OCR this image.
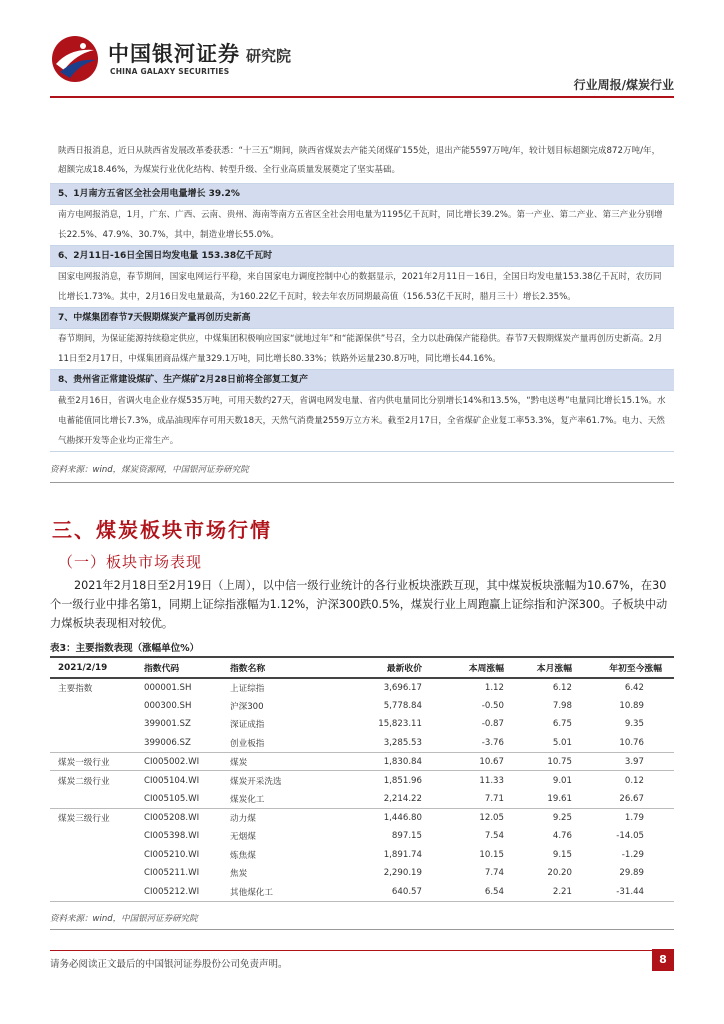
中国银河证券 研究院
CHINA GALAXY SECURITIES
行业周报/煤炭行业
陕西日报消息，近日从陕西省发展改革委获悉：“十三五”期间，陕西省煤炭去产能关闭煤矿155处，退出产能5597万吨/年，较计划目标超额完成872万吨/年，超额完成18.46%，为煤炭行业优化结构、转型升级、全行业高质量发展奠定了坚实基础。
5、1月南方五省区全社会用电量增长 39.2%
南方电网报消息，1月，广东、广西、云南、贵州、海南等南方五省区全社会用电量为1195亿千瓦时，同比增长39.2%。第一产业、第二产业、第三产业分别增长22.5%、47.9%、30.7%，其中，制造业增长55.0%。
6、2月11日-16日全国日均发电量 153.38亿千瓦时
国家电网报消息，春节期间，国家电网运行平稳，来自国家电力调度控制中心的数据显示，2021年2月11日－16日，全国日均发电量153.38亿千瓦时，农历同比增长1.73%。其中，2月16日发电量最高，为160.22亿千瓦时，较去年农历同期最高值（156.53亿千瓦时，腊月三十）增长2.35%。
7、中煤集团春节7天假期煤炭产量再创历史新高
春节期间，为保证能源持续稳定供应，中煤集团积极响应国家“就地过年”和“能源保供”号召，全力以赴确保产能稳供。春节7天假期煤炭产量再创历史新高。2月11日至2月17日，中煤集团商品煤产量329.1万吨，同比增长80.33%；铁路外运量230.8万吨，同比增长44.16%。
8、贵州省正常建设煤矿、生产煤矿2月28日前将全部复工复产
截至2月16日，省调火电企业存煤535万吨，可用天数约27天，省调电网发电量、省内供电量同比分别增长14%和13.5%，“黔电送粤”电量同比增长15.1%。水电蓄能值同比增长7.3%，成品油现库存可用天数18天，天然气消费量2559万立方米。截至2月17日，全省煤矿企业复工率53.3%，复产率61.7%。电力、天然气勘探开发等企业均正常生产。
资料来源：wind，煤炭资源网，中国银河证券研究院
三、煤炭板块市场行情
（一）板块市场表现
2021年2月18日至2月19日（上周），以中信一级行业统计的各行业板块涨跌互现，其中煤炭板块涨幅为10.67%，在30个一级行业中排名第1，同期上证综指涨幅为1.12%，沪深300跌0.5%，煤炭行业上周跑赢上证综指和沪深300。子板块中动力煤板块表现相对较优。
表3：主要指数表现（涨幅单位%）
2021/2/19	指数代码	指数名称	最新收价	本周涨幅	本月涨幅	年初至今涨幅
主要指数	000001.SH	上证综指	3,696.17	1.12	6.12	6.42
	000300.SH	沪深300	5,778.84	-0.50	7.98	10.89
	399001.SZ	深证成指	15,823.11	-0.87	6.75	9.35
	399006.SZ	创业板指	3,285.53	-3.76	5.01	10.76
煤炭一级行业	CI005002.WI	煤炭	1,830.84	10.67	10.75	3.97
煤炭二级行业	CI005104.WI	煤炭开采洗选	1,851.96	11.33	9.01	0.12
	CI005105.WI	煤炭化工	2,214.22	7.71	19.61	26.67
煤炭三级行业	CI005208.WI	动力煤	1,446.80	12.05	9.25	1.79
	CI005398.WI	无烟煤	897.15	7.54	4.76	-14.05
	CI005210.WI	炼焦煤	1,891.74	10.15	9.15	-1.29
	CI005211.WI	焦炭	2,290.19	7.74	20.20	29.89
	CI005212.WI	其他煤化工	640.57	6.54	2.21	-31.44
资料来源：wind，中国银河证券研究院
请务必阅读正文最后的中国银河证券股份公司免责声明。	8
